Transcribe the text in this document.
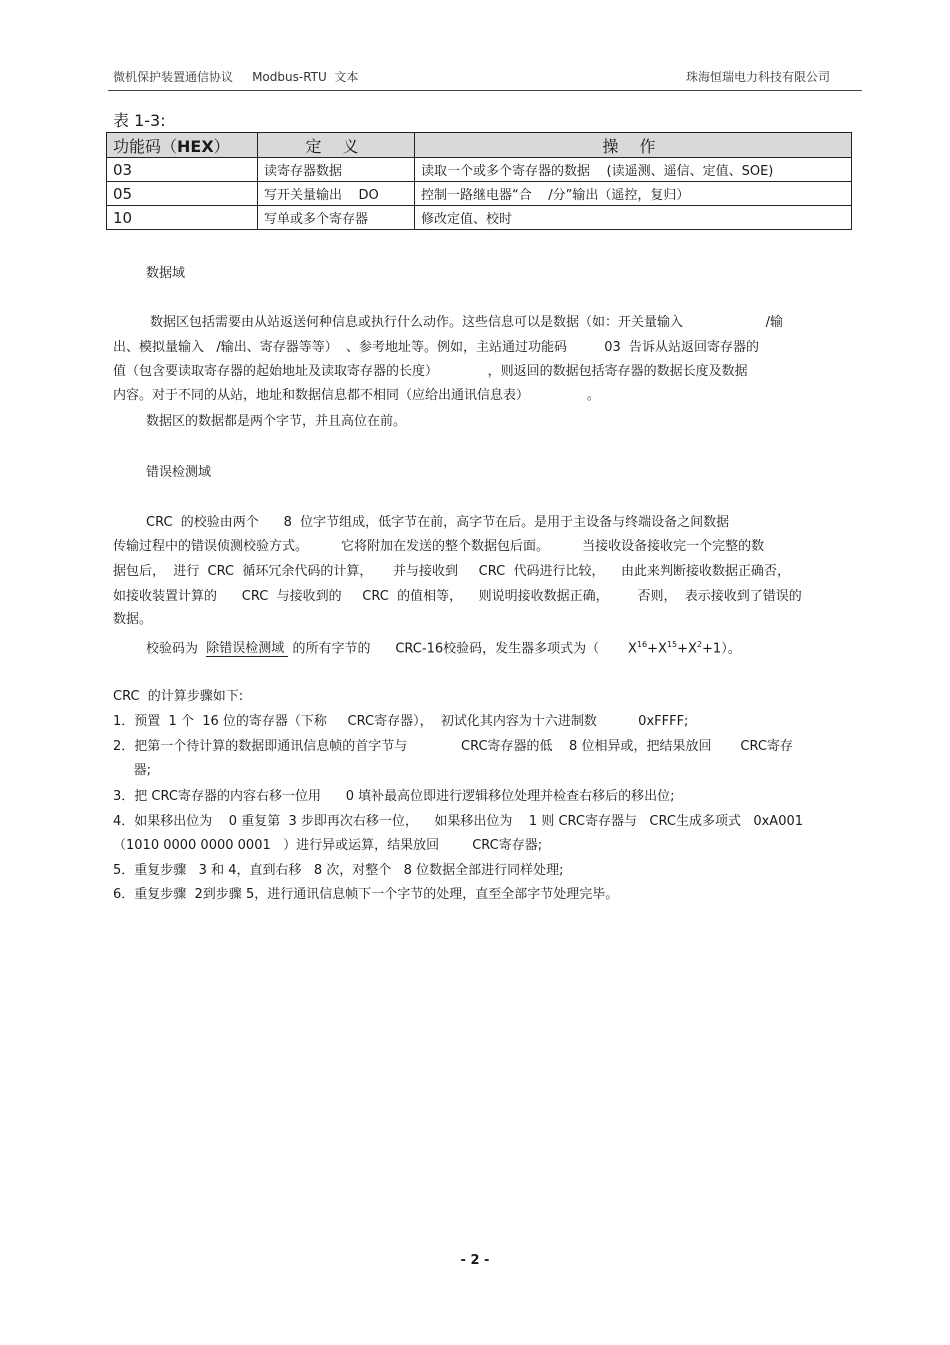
微机保护装置通信协议     Modbus-RTU  文本	珠海恒瑞电力科技有限公司
表 1-3:
功能码（HEX）	定 义	操 作
03	读寄存器数据	读取一个或多个寄存器的数据    (读遥测、遥信、定值、SOE)
05	写开关量输出    DO	控制一路继电器“合    /分”输出（遥控，复归）
10	写单或多个寄存器	修改定值、校时
数据域
数据区包括需要由从站返送何种信息或执行什么动作。这些信息可以是数据（如：开关量输入                    /输
出、模拟量输入   /输出、寄存器等等）  、参考地址等。例如，主站通过功能码         03  告诉从站返回寄存器的
值（包含要读取寄存器的起始地址及读取寄存器的长度）            ，则返回的数据包括寄存器的数据长度及数据
内容。对于不同的从站，地址和数据信息都不相同（应给出通讯信息表）              。
数据区的数据都是两个字节，并且高位在前。
错误检测域
CRC  的校验由两个      8  位字节组成，低字节在前，高字节在后。是用于主设备与终端设备之间数据
传输过程中的错误侦测校验方式。        它将附加在发送的整个数据包后面。        当接收设备接收完一个完整的数
据包后，  进行  CRC  循环冗余代码的计算，     并与接收到     CRC  代码进行比较，    由此来判断接收数据正确否，
如接收装置计算的      CRC  与接收到的     CRC  的值相等，    则说明接收数据正确，       否则，  表示接收到了错误的
数据。
校验码为  除错误检测域  的所有字节的      CRC-16校验码，发生器多项式为（       $X^{16}+X^{15}+X^2+1$）。
CRC  的计算步骤如下:
1．预置  1 个  16 位的寄存器（下称     CRC寄存器），  初试化其内容为十六进制数          0xFFFF;
2．把第一个待计算的数据即通讯信息帧的首字节与             CRC寄存器的低    8 位相异或，把结果放回       CRC寄存
器;
3．把 CRC寄存器的内容右移一位用      0 填补最高位即进行逻辑移位处理并检查右移后的移出位;
4．如果移出位为    0 重复第  3 步即再次右移一位，    如果移出位为    1 则 CRC寄存器与   CRC生成多项式   0xA001
（1010 0000 0000 0001   ）进行异或运算，结果放回        CRC寄存器;
5．重复步骤   3 和 4，直到右移   8 次，对整个   8 位数据全部进行同样处理;
6．重复步骤  2到步骤 5，进行通讯信息帧下一个字节的处理，直至全部字节处理完毕。
- 2 -
